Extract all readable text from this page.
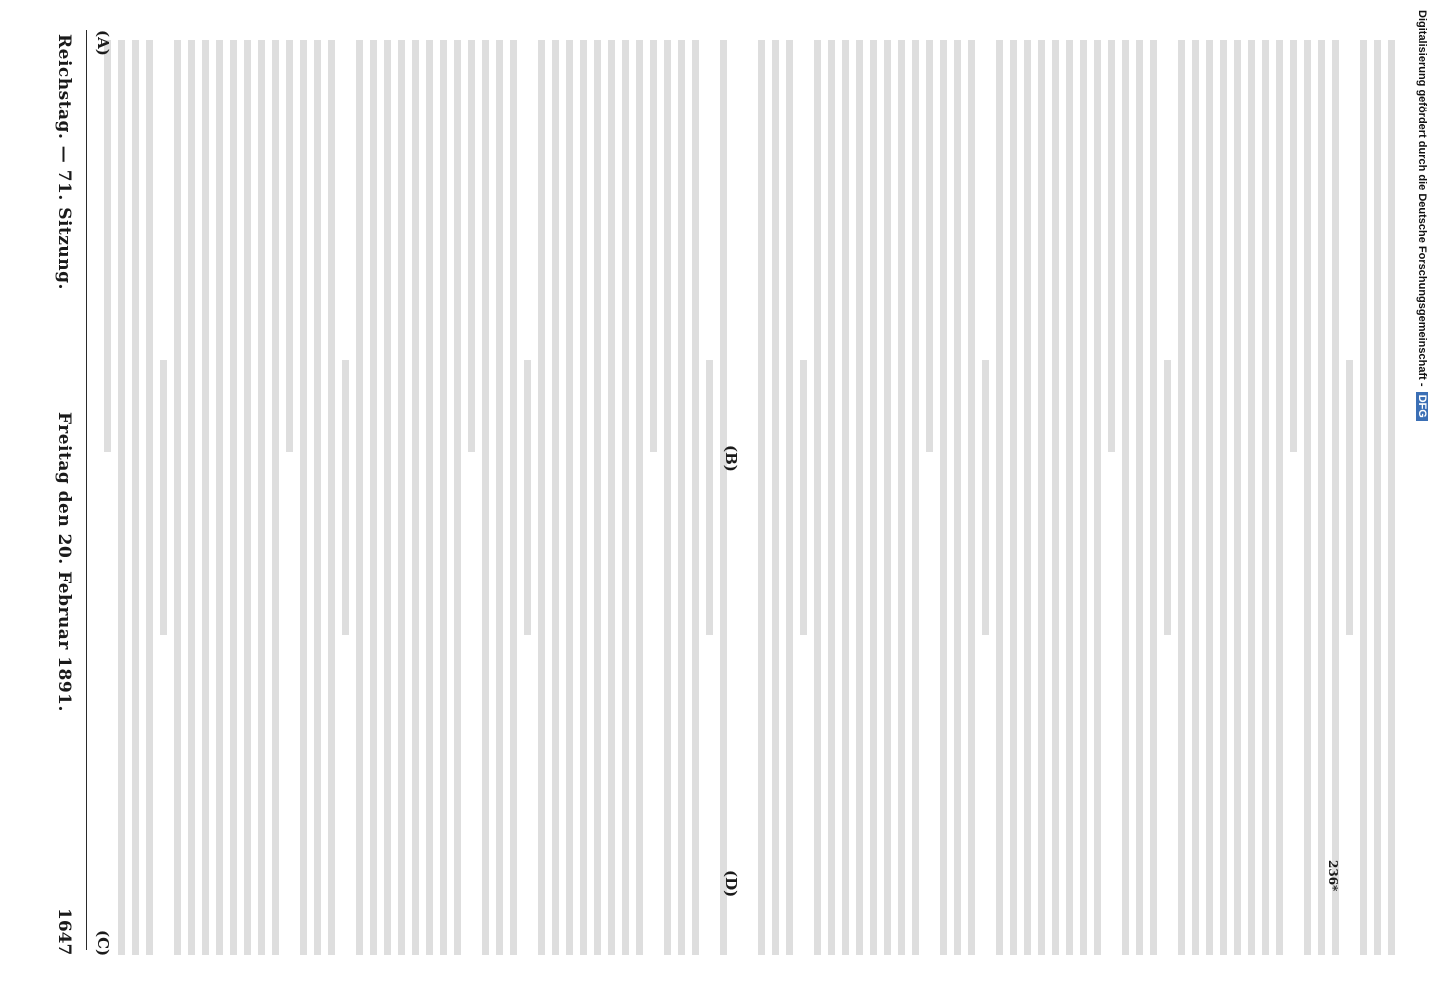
Reichstag. — 71. Sitzung.
Freitag den 20. Februar 1891.
1647
(A)
(B)
(C)
(D)	236*
Digitalisierung gefördert durch die Deutsche Forschungsgemeinschaft - DFG
